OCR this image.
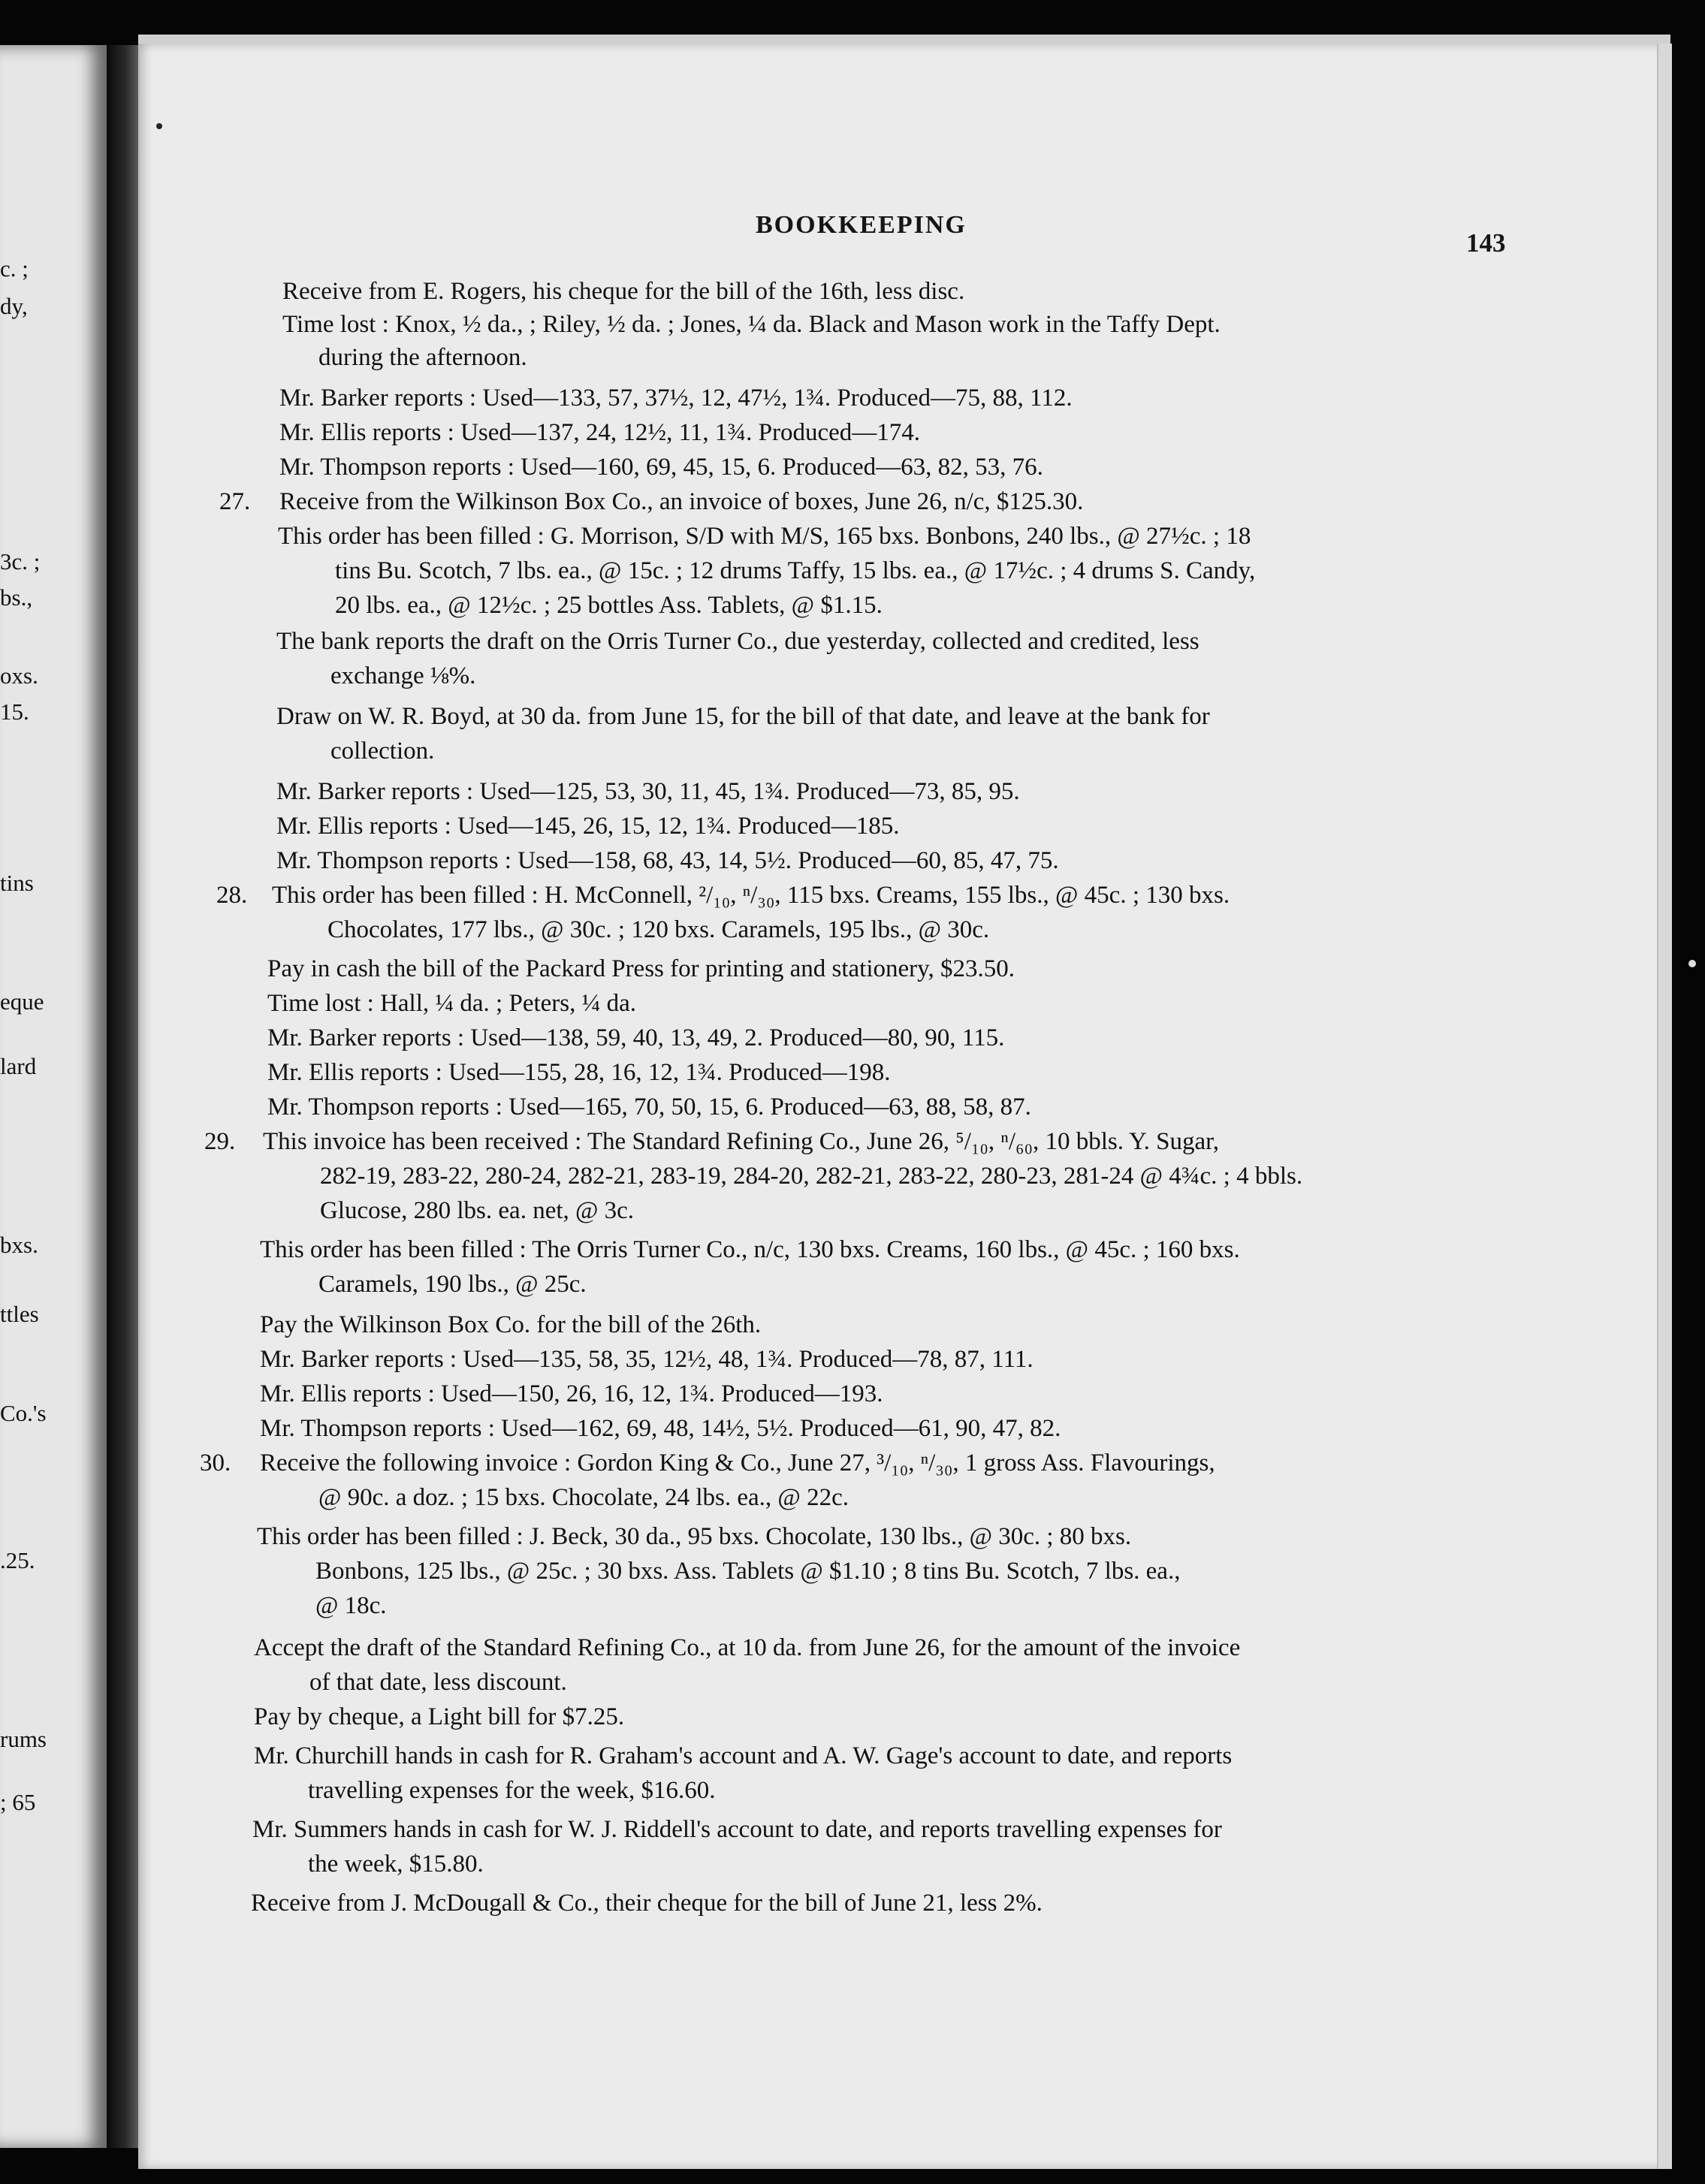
c. ;
dy,
3c. ;
bs.,
oxs.
15.
tins
eque
lard
bxs.
ttles
Co.'s
.25.
rums
; 65
BOOKKEEPING
143
Receive from E. Rogers, his cheque for the bill of the 16th, less disc.
Time lost : Knox, ½ da., ; Riley, ½ da. ; Jones, ¼ da. Black and Mason work in the Taffy Dept.
during the afternoon.
Mr. Barker reports : Used—133, 57, 37½, 12, 47½, 1¾. Produced—75, 88, 112.
Mr. Ellis reports : Used—137, 24, 12½, 11, 1¾. Produced—174.
Mr. Thompson reports : Used—160, 69, 45, 15, 6. Produced—63, 82, 53, 76.
27. Receive from the Wilkinson Box Co., an invoice of boxes, June 26, n/c, $125.30.
This order has been filled : G. Morrison, S/D with M/S, 165 bxs. Bonbons, 240 lbs., @ 27½c. ; 18
tins Bu. Scotch, 7 lbs. ea., @ 15c. ; 12 drums Taffy, 15 lbs. ea., @ 17½c. ; 4 drums S. Candy,
20 lbs. ea., @ 12½c. ; 25 bottles Ass. Tablets, @ $1.15.
The bank reports the draft on the Orris Turner Co., due yesterday, collected and credited, less
exchange ⅛%.
Draw on W. R. Boyd, at 30 da. from June 15, for the bill of that date, and leave at the bank for
collection.
Mr. Barker reports : Used—125, 53, 30, 11, 45, 1¾. Produced—73, 85, 95.
Mr. Ellis reports : Used—145, 26, 15, 12, 1¾. Produced—185.
Mr. Thompson reports : Used—158, 68, 43, 14, 5½. Produced—60, 85, 47, 75.
28. This order has been filled : H. McConnell, ²/₁₀, ⁿ/₃₀, 115 bxs. Creams, 155 lbs., @ 45c. ; 130 bxs.
Chocolates, 177 lbs., @ 30c. ; 120 bxs. Caramels, 195 lbs., @ 30c.
Pay in cash the bill of the Packard Press for printing and stationery, $23.50.
Time lost : Hall, ¼ da. ; Peters, ¼ da.
Mr. Barker reports : Used—138, 59, 40, 13, 49, 2. Produced—80, 90, 115.
Mr. Ellis reports : Used—155, 28, 16, 12, 1¾. Produced—198.
Mr. Thompson reports : Used—165, 70, 50, 15, 6. Produced—63, 88, 58, 87.
29. This invoice has been received : The Standard Refining Co., June 26, ⁵/₁₀, ⁿ/₆₀, 10 bbls. Y. Sugar,
282-19, 283-22, 280-24, 282-21, 283-19, 284-20, 282-21, 283-22, 280-23, 281-24 @ 4¾c. ; 4 bbls.
Glucose, 280 lbs. ea. net, @ 3c.
This order has been filled : The Orris Turner Co., n/c, 130 bxs. Creams, 160 lbs., @ 45c. ; 160 bxs.
Caramels, 190 lbs., @ 25c.
Pay the Wilkinson Box Co. for the bill of the 26th.
Mr. Barker reports : Used—135, 58, 35, 12½, 48, 1¾. Produced—78, 87, 111.
Mr. Ellis reports : Used—150, 26, 16, 12, 1¾. Produced—193.
Mr. Thompson reports : Used—162, 69, 48, 14½, 5½. Produced—61, 90, 47, 82.
30. Receive the following invoice : Gordon King & Co., June 27, ³/₁₀, ⁿ/₃₀, 1 gross Ass. Flavourings,
@ 90c. a doz. ; 15 bxs. Chocolate, 24 lbs. ea., @ 22c.
This order has been filled : J. Beck, 30 da., 95 bxs. Chocolate, 130 lbs., @ 30c. ; 80 bxs.
Bonbons, 125 lbs., @ 25c. ; 30 bxs. Ass. Tablets @ $1.10 ; 8 tins Bu. Scotch, 7 lbs. ea.,
@ 18c.
Accept the draft of the Standard Refining Co., at 10 da. from June 26, for the amount of the invoice
of that date, less discount.
Pay by cheque, a Light bill for $7.25.
Mr. Churchill hands in cash for R. Graham's account and A. W. Gage's account to date, and reports
travelling expenses for the week, $16.60.
Mr. Summers hands in cash for W. J. Riddell's account to date, and reports travelling expenses for
the week, $15.80.
Receive from J. McDougall & Co., their cheque for the bill of June 21, less 2%.
